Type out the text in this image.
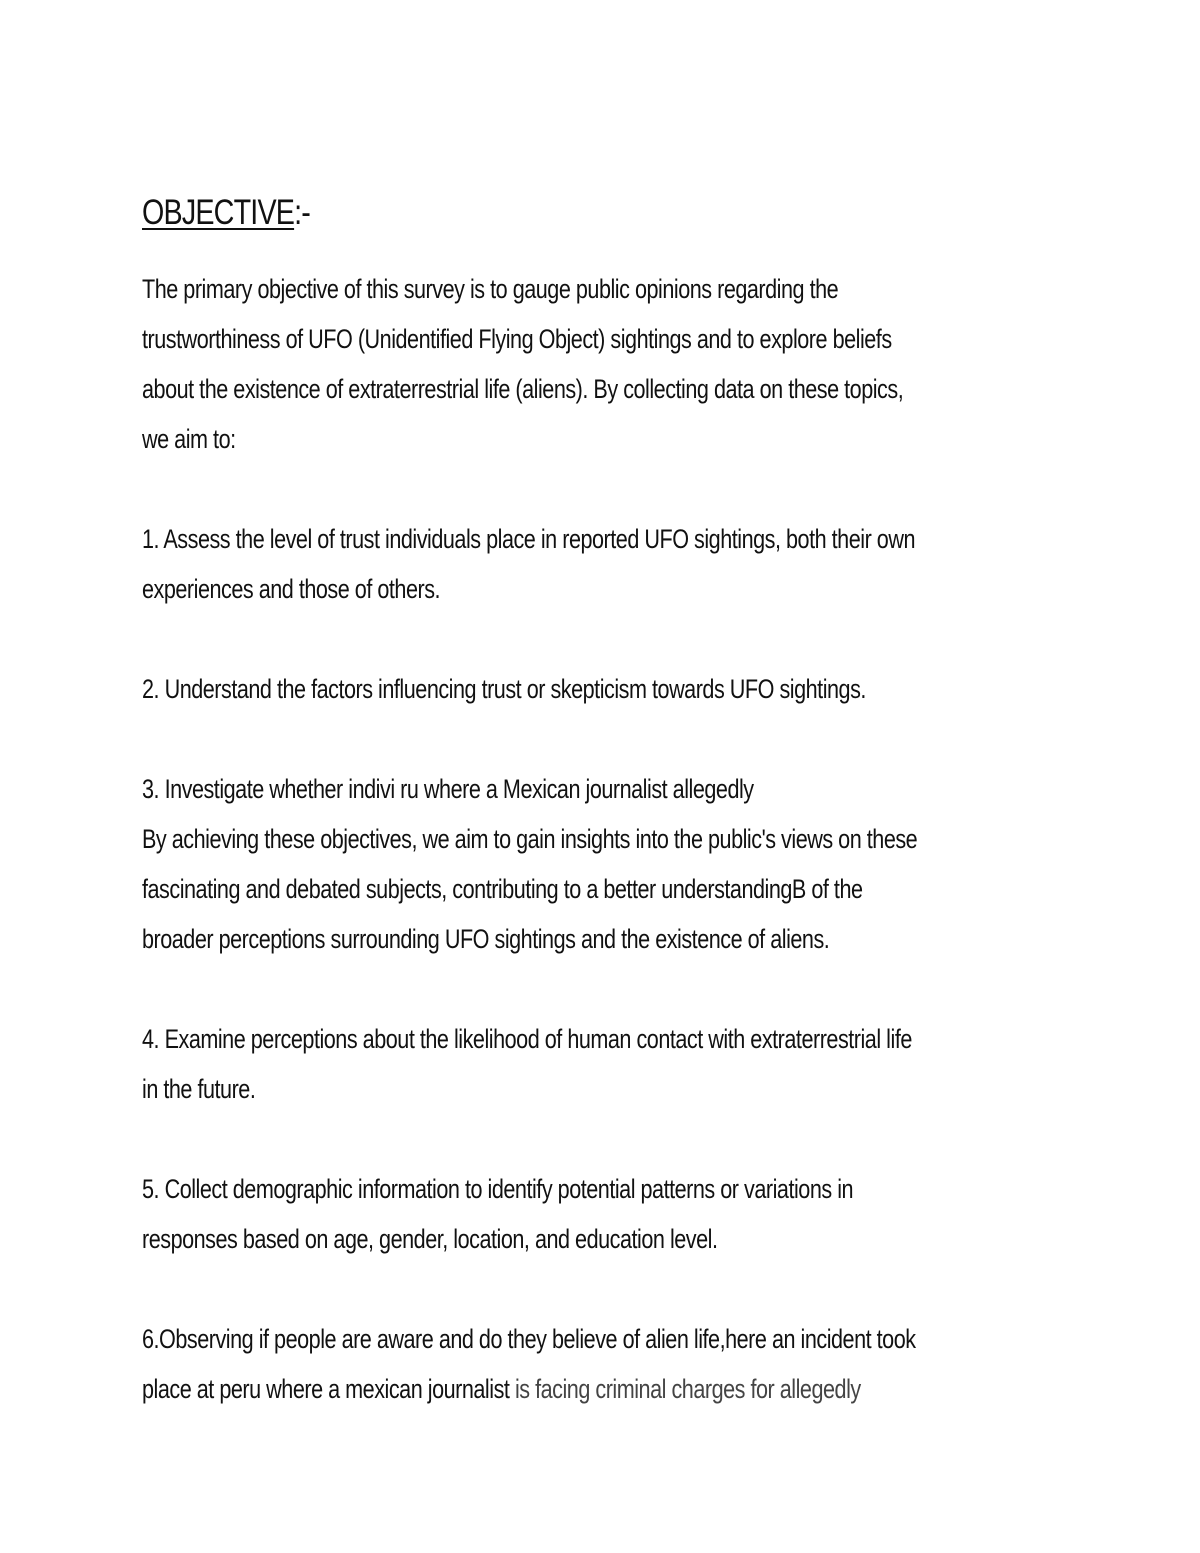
OBJECTIVE:-
The primary objective of this survey is to gauge public opinions regarding the
trustworthiness of UFO (Unidentified Flying Object) sightings and to explore beliefs
about the existence of extraterrestrial life (aliens). By collecting data on these topics,
we aim to:
1. Assess the level of trust individuals place in reported UFO sightings, both their own
experiences and those of others.
2. Understand the factors influencing trust or skepticism towards UFO sightings.
3. Investigate whether indivi ru where a Mexican journalist allegedly
By achieving these objectives, we aim to gain insights into the public's views on these
fascinating and debated subjects, contributing to a better understandingB of the
broader perceptions surrounding UFO sightings and the existence of aliens.
4. Examine perceptions about the likelihood of human contact with extraterrestrial life
in the future.
5. Collect demographic information to identify potential patterns or variations in
responses based on age, gender, location, and education level.
6.Observing if people are aware and do they believe of alien life,here an incident took
place at peru where a mexican journalist is facing criminal charges for allegedly
